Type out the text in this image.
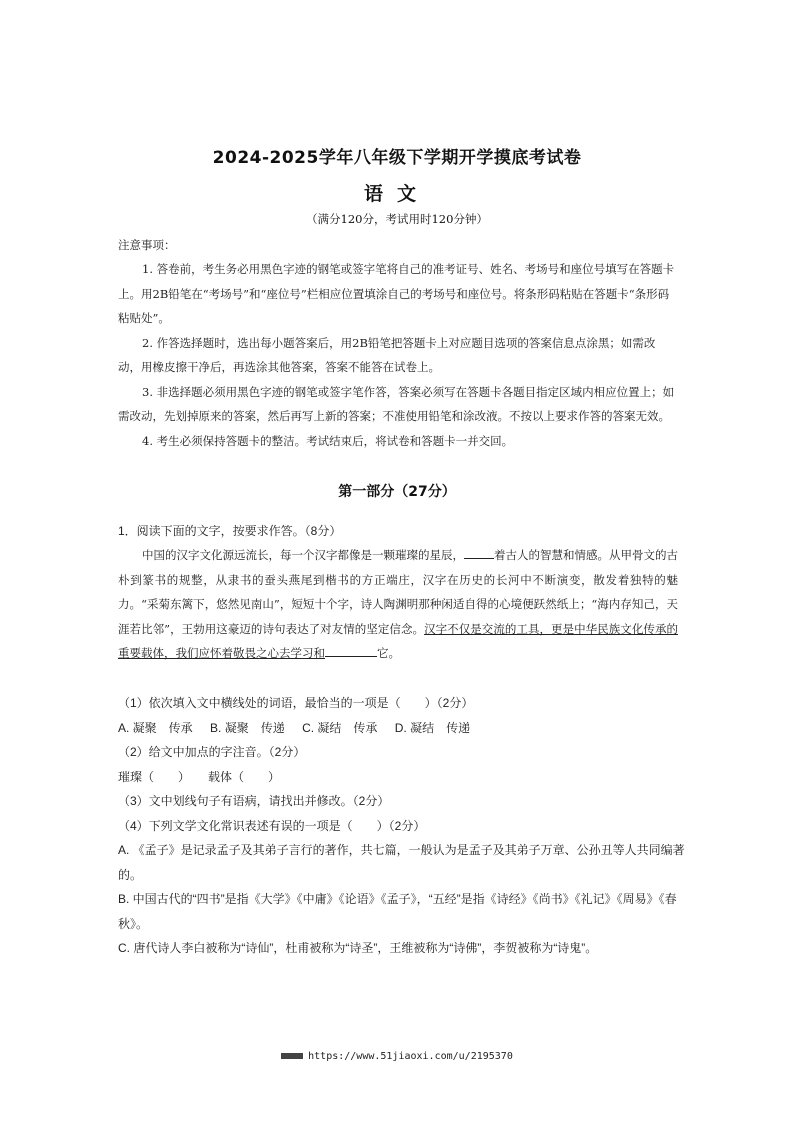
2024-2025学年八年级下学期开学摸底考试卷
语文
（满分120分，考试用时120分钟）
注意事项：

1. 答卷前，考生务必用黑色字迹的钢笔或签字笔将自己的准考证号、姓名、考场号和座位号填写在答题卡上。用2B铅笔在“考场号”和“座位号”栏相应位置填涂自己的考场号和座位号。将条形码粘贴在答题卡“条形码粘贴处”。

2. 作答选择题时，选出每小题答案后，用2B铅笔把答题卡上对应题目选项的答案信息点涂黑；如需改动，用橡皮擦干净后，再选涂其他答案，答案不能答在试卷上。

3. 非选择题必须用黑色字迹的钢笔或签字笔作答，答案必须写在答题卡各题目指定区域内相应位置上；如需改动，先划掉原来的答案，然后再写上新的答案；不准使用铅笔和涂改液。不按以上要求作答的答案无效。

4. 考生必须保持答题卡的整洁。考试结束后，将试卷和答题卡一并交回。

第一部分（27分）
1．阅读下面的文字，按要求作答。（8分）

中国的汉字文化源远流长，每一个汉字都像是一颗璀璨的星辰，	着古人的智慧和情感。从甲骨文的古朴到篆书的规整，从隶书的蚕头燕尾到楷书的方正端庄，汉字在历史的长河中不断演变，散发着独特的魅力。“采菊东篱下，悠然见南山”，短短十个字，诗人陶渊明那种闲适自得的心境便跃然纸上；“海内存知己，天涯若比邻”，王勃用这豪迈的诗句表达了对友情的坚定信念。汉字不仅是交流的工具，更是中华民族文化传承的重要载体，我们应怀着敬畏之心去学习和	它。

（1）依次填入文中横线处的词语，最恰当的一项是（　　）（2分）

A. 凝聚　传承 B. 凝聚　传递 C. 凝结　传承 D. 凝结　传递

（2）给文中加点的字注音。（2分）

璀璨（　　）　　 载体（　　）

（3）文中划线句子有语病，请找出并修改。（2分）

（4）下列文学文化常识表述有误的一项是（　　）（2分）

A. 《孟子》是记录孟子及其弟子言行的著作，共七篇，一般认为是孟子及其弟子万章、公孙丑等人共同编著的。

B. 中国古代的“四书”是指《大学》《中庸》《论语》《孟子》，“五经”是指《诗经》《尚书》《礼记》《周易》《春秋》。

C. 唐代诗人李白被称为“诗仙”，杜甫被称为“诗圣”，王维被称为“诗佛”，李贺被称为“诗鬼”。

https://www.51jiaoxi.com/u/2195370
